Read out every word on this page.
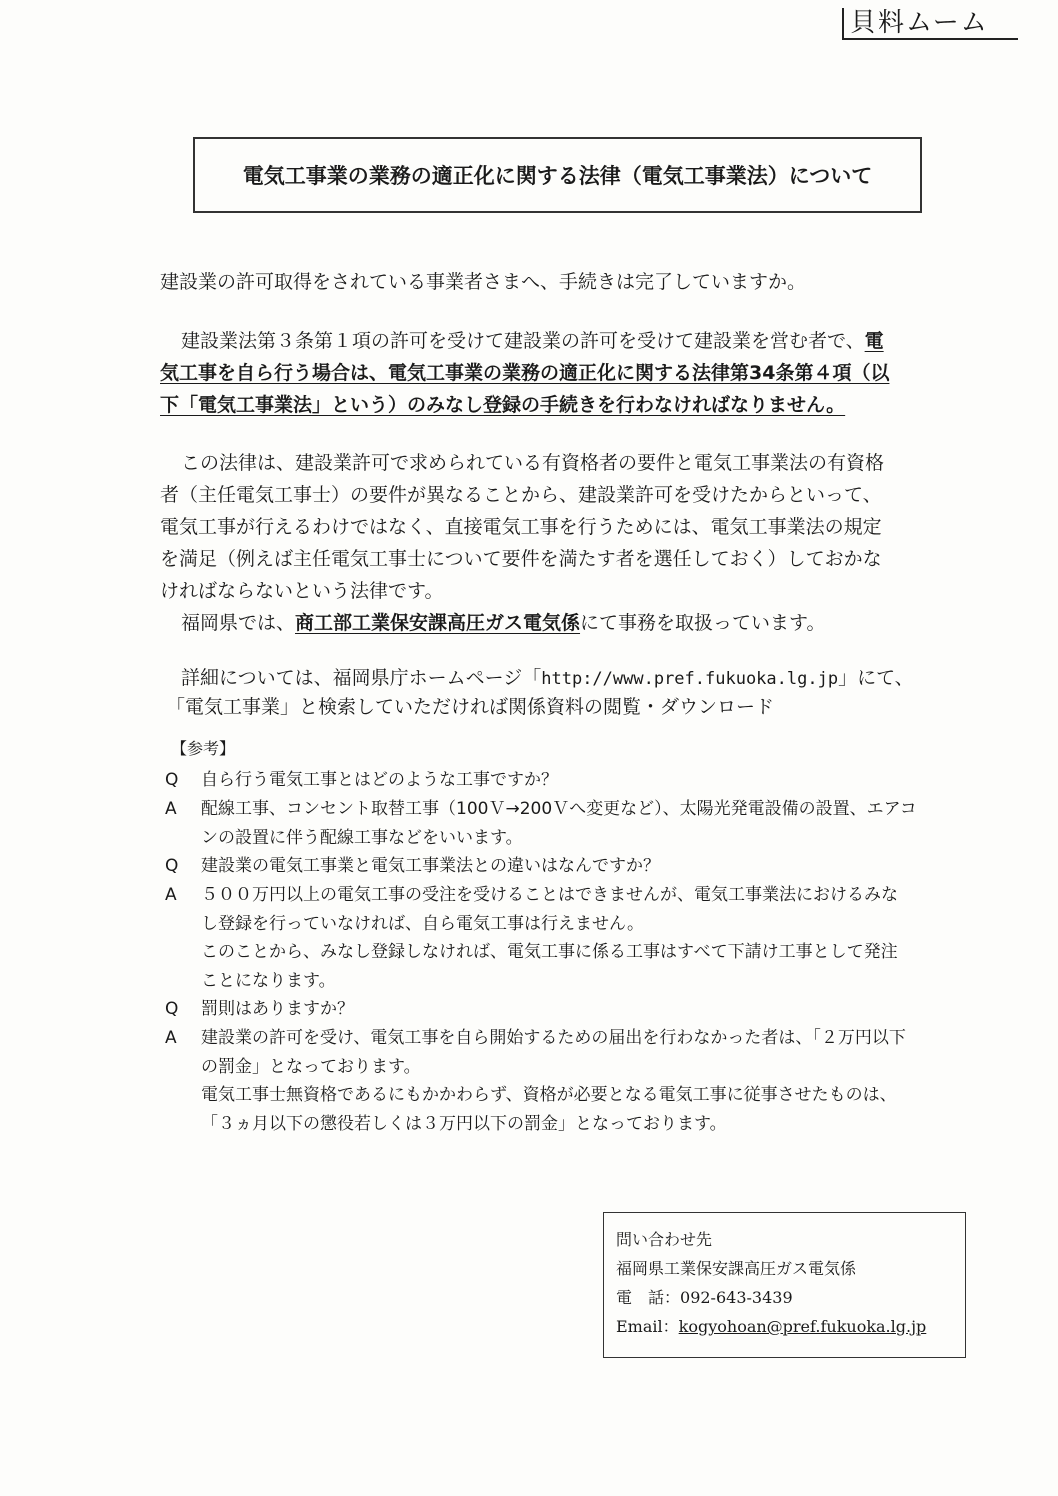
貝料ムーム
電気工事業の業務の適正化に関する法律（電気工事業法）について
建設業の許可取得をされている事業者さまへ、手続きは完了していますか。
建設業法第３条第１項の許可を受けて建設業の許可を受けて建設業を営む者で、電
気工事を自ら行う場合は、電気工事業の業務の適正化に関する法律第34条第４項（以
下「電気工事業法」という）のみなし登録の手続きを行わなければなりません。
この法律は、建設業許可で求められている有資格者の要件と電気工事業法の有資格
者（主任電気工事士）の要件が異なることから、建設業許可を受けたからといって、
電気工事が行えるわけではなく、直接電気工事を行うためには、電気工事業法の規定
を満足（例えば主任電気工事士について要件を満たす者を選任しておく）しておかな
ければならないという法律です。
福岡県では、商工部工業保安課高圧ガス電気係にて事務を取扱っています。
詳細については、福岡県庁ホームページ「http://www.pref.fukuoka.lg.jp」にて、
「電気工事業」と検索していただければ関係資料の閲覧・ダウンロード
【参考】
Q	自ら行う電気工事とはどのような工事ですか？
A	配線工事、コンセント取替工事（100Ｖ→200Ｖへ変更など）、太陽光発電設備の設置、エアコ
ンの設置に伴う配線工事などをいいます。
Q	建設業の電気工事業と電気工事業法との違いはなんですか？
A	５００万円以上の電気工事の受注を受けることはできませんが、電気工事業法におけるみな
し登録を行っていなければ、自ら電気工事は行えません。
このことから、みなし登録しなければ、電気工事に係る工事はすべて下請け工事として発注
ことになります。
Q	罰則はありますか？
A	建設業の許可を受け、電気工事を自ら開始するための届出を行わなかった者は、「２万円以下
の罰金」となっております。
電気工事士無資格であるにもかかわらず、資格が必要となる電気工事に従事させたものは、
「３ヵ月以下の懲役若しくは３万円以下の罰金」となっております。
問い合わせ先
福岡県工業保安課高圧ガス電気係
電　話：092-643-3439
Email：kogyohoan@pref.fukuoka.lg.jp
